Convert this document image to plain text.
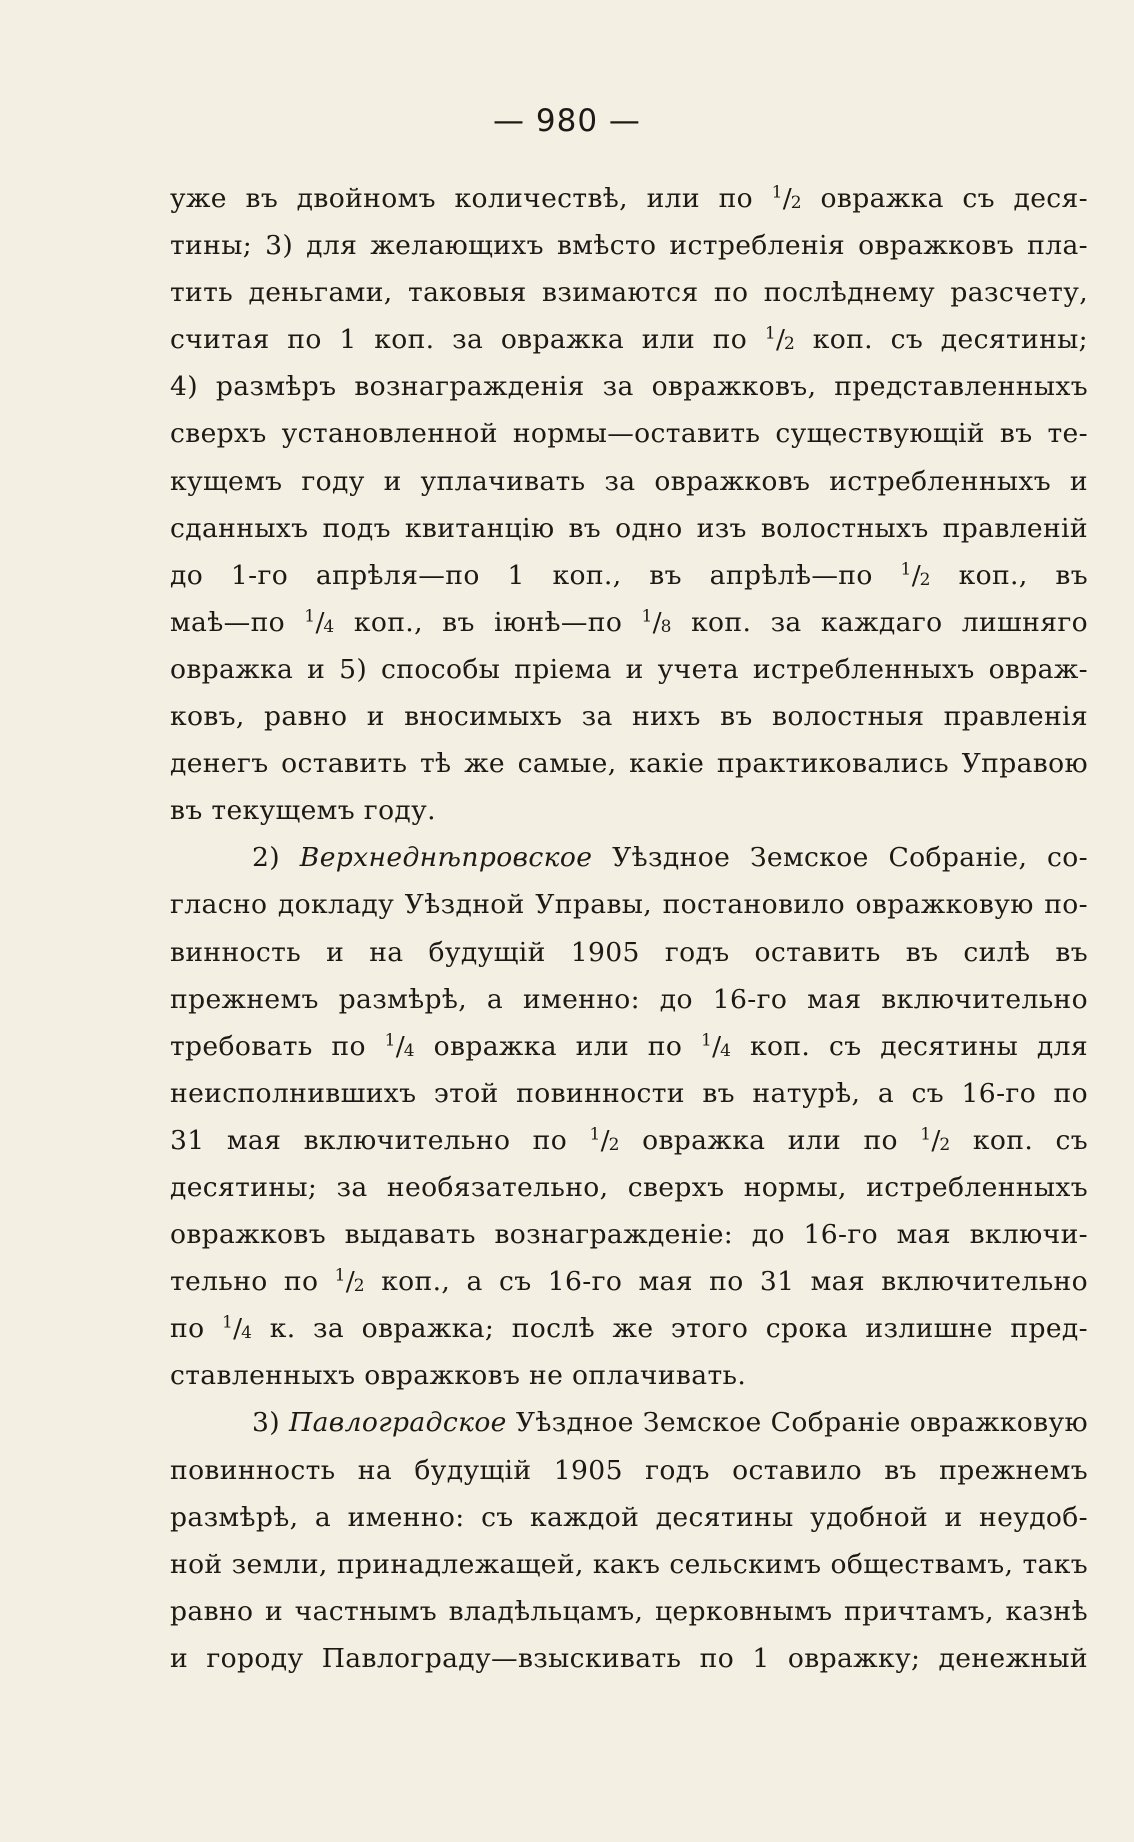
— 980 —
уже въ двойномъ количествѣ, или по $^1$/2 овражка съ деся-
тины; 3) для желающихъ вмѣсто истребленія овражковъ пла-
тить деньгами, таковыя взимаются по послѣднему разсчету,
считая по 1 коп. за овражка или по $^1$/2 коп. съ десятины;
4) размѣръ вознагражденія за овражковъ, представленныхъ
сверхъ установленной нормы—оставить существующій въ те-
кущемъ году и уплачивать за овражковъ истребленныхъ и
сданныхъ подъ квитанцію въ одно изъ волостныхъ правленій
до 1-го апрѣля—по 1 коп., въ апрѣлѣ—по $^1$/2 коп., въ
маѣ—по $^1$/4 коп., въ іюнѣ—по $^1$/8 коп. за каждаго лишняго
овражка и 5) способы пріема и учета истребленныхъ овраж-
ковъ, равно и вносимыхъ за нихъ въ волостныя правленія
денегъ оставить тѣ же самые, какіе практиковались Управою
въ текущемъ году.
2) Верхнеднѣпровское Уѣздное Земское Собраніе, со-
гласно докладу Уѣздной Управы, постановило овражковую по-
винность и на будущій 1905 годъ оставить въ силѣ въ
прежнемъ размѣрѣ, а именно: до 16-го мая включительно
требовать по $^1$/4 овражка или по $^1$/4 коп. съ десятины для
неисполнившихъ этой повинности въ натурѣ, а съ 16-го по
31 мая включительно по $^1$/2 овражка или по $^1$/2 коп. съ
десятины; за необязательно, сверхъ нормы, истребленныхъ
овражковъ выдавать вознагражденіе: до 16-го мая включи-
тельно по $^1$/2 коп., а съ 16-го мая по 31 мая включительно
по $^1$/4 к. за овражка; послѣ же этого срока излишне пред-
ставленныхъ овражковъ не оплачивать.
3) Павлоградское Уѣздное Земское Собраніе овражковую
повинность на будущій 1905 годъ оставило въ прежнемъ
размѣрѣ, а именно: съ каждой десятины удобной и неудоб-
ной земли, принадлежащей, какъ сельскимъ обществамъ, такъ
равно и частнымъ владѣльцамъ, церковнымъ причтамъ, казнѣ
и городу Павлограду—взыскивать по 1 овражку; денежный
